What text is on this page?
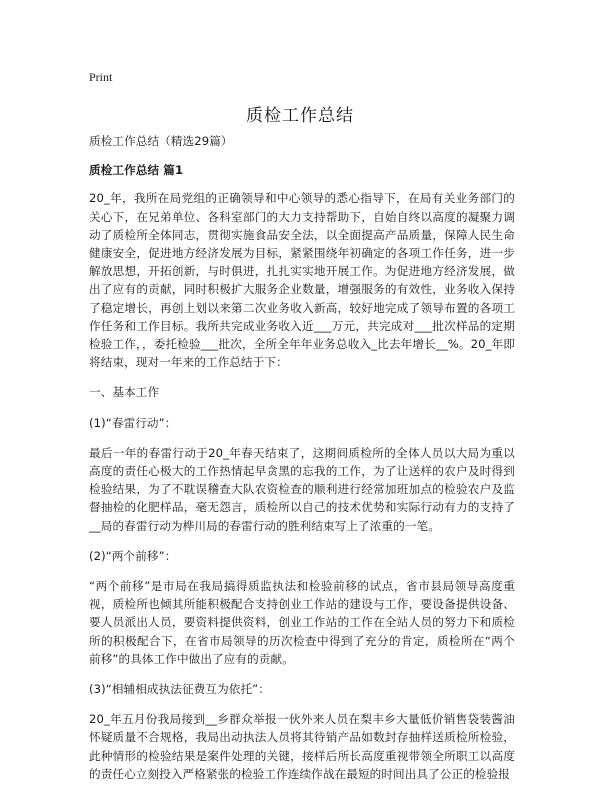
Print
质检工作总结

质检工作总结（精选29篇）

质检工作总结 篇1

20_年，我所在局党组的正确领导和中心领导的悉心指导下，在局有关业务部门的关心下，在兄弟单位、各科室部门的大力支持帮助下，自始自终以高度的凝聚力调动了质检所全体同志，贯彻实施食品安全法，以全面提高产品质量，保障人民生命健康安全，促进地方经济发展为目标，紧紧围绕年初确定的各项工作任务，进一步解放思想，开拓创新，与时俱进，扎扎实实地开展工作。为促进地方经济发展，做出了应有的贡献，同时积极扩大服务企业数量，增强服务的有效性，业务收入保持了稳定增长，再创上划以来第二次业务收入新高，较好地完成了领导布置的各项工作任务和工作目标。我所共完成业务收入近___万元，共完成对___批次样品的定期检验工作，，委托检验___批次，全所全年年业务总收入_比去年增长__%。20_年即将结束，现对一年来的工作总结于下：

一、基本工作

(1)“春雷行动”：

最后一年的春雷行动于20_年春天结束了，这期间质检所的全体人员以大局为重以高度的责任心极大的工作热情起早贪黑的忘我的工作，为了让送样的农户及时得到检验结果，为了不耽误稽查大队农资检查的顺利进行经常加班加点的检验农户及监督抽检的化肥样品，毫无怨言，质检所以自己的技术优势和实际行动有力的支持了__局的春雷行动为桦川局的春雷行动的胜利结束写上了浓重的一笔。

(2)“两个前移”：

“两个前移”是市局在我局搞得质监执法和检验前移的试点，省市县局领导高度重视，质检所也倾其所能积极配合支持创业工作站的建设与工作，要设备提供设备、要人员派出人员，要资料提供资料，创业工作站的工作在全站人员的努力下和质检所的积极配合下，在省市局领导的历次检查中得到了充分的肯定，质检所在“两个前移”的具体工作中做出了应有的贡献。

(3)“相辅相成执法征费互为依托”：

20_年五月份我局接到__乡群众举报一伙外来人员在梨丰乡大量低价销售袋装酱油怀疑质量不合规格，我局出动执法人员将其待销产品如数封存抽样送质检所检验，此种情形的检验结果是案件处理的关键，接样后所长高度重视带领全所职工以高度的责任心立刻投入严格紧张的检验工作连续作战在最短的时间出具了公正的检验报
